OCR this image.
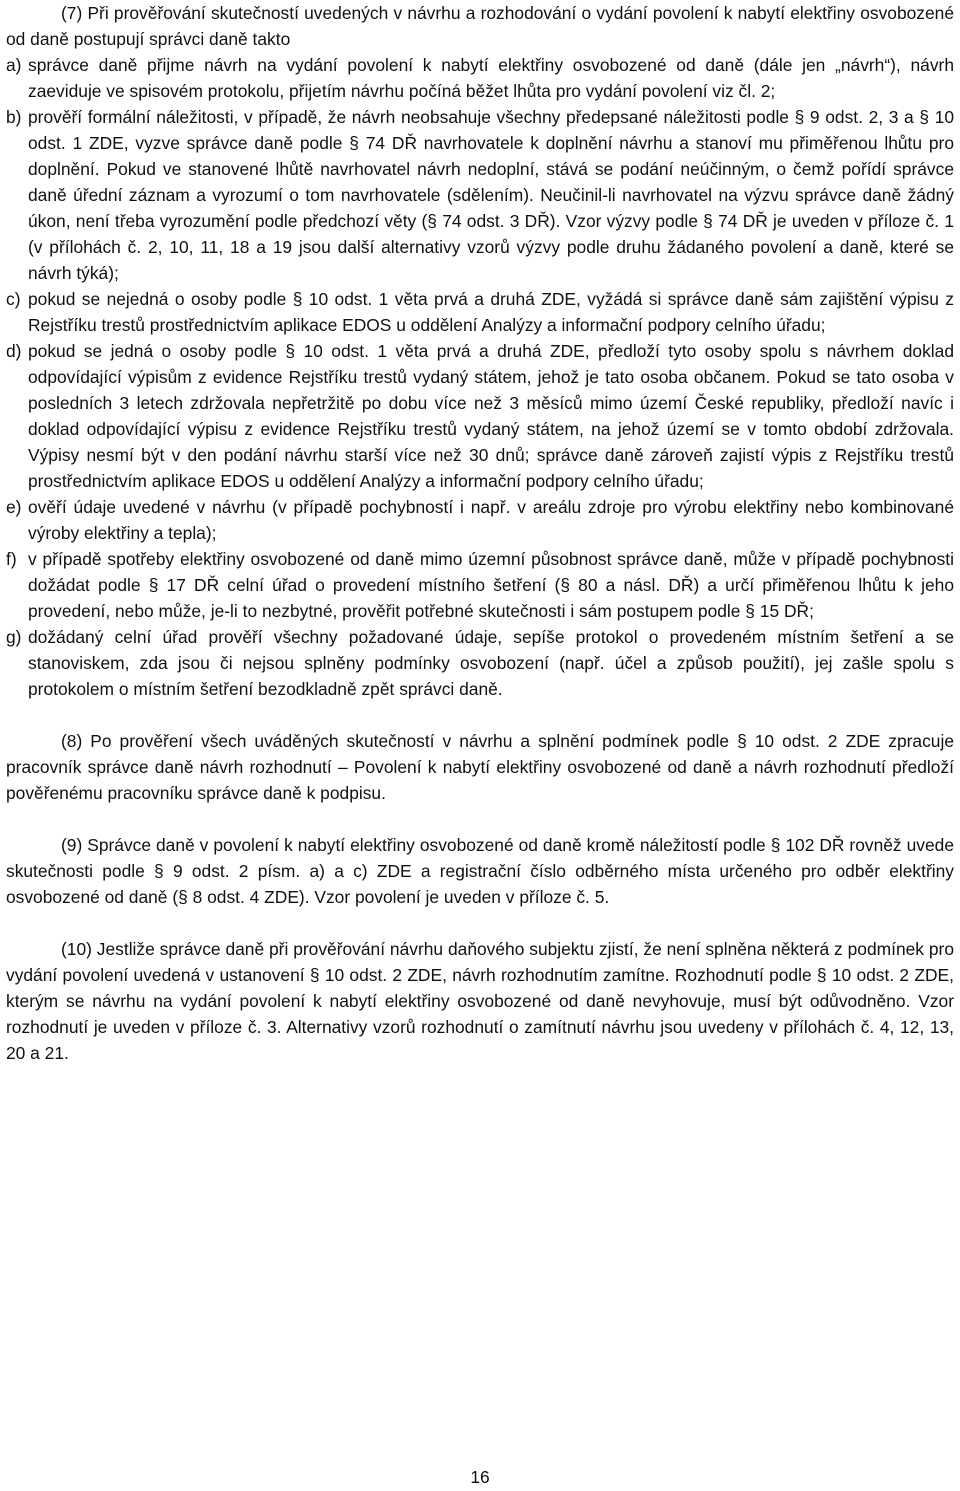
(7) Při prověřování skutečností uvedených v návrhu a rozhodování o vydání povolení k nabytí elektřiny osvobozené od daně postupují správci daně takto

a) správce daně přijme návrh na vydání povolení k nabytí elektřiny osvobozené od daně (dále jen „návrh“), návrh zaeviduje ve spisovém protokolu, přijetím návrhu počíná běžet lhůta pro vydání povolení viz čl. 2;
b) prověří formální náležitosti, v případě, že návrh neobsahuje všechny předepsané náležitosti podle § 9 odst. 2, 3 a § 10 odst. 1 ZDE, vyzve správce daně podle § 74 DŘ navrhovatele k doplnění návrhu a stanoví mu přiměřenou lhůtu pro doplnění. Pokud ve stanovené lhůtě navrhovatel návrh nedoplní, stává se podání neúčinným, o čemž pořídí správce daně úřední záznam a vyrozumí o tom navrhovatele (sdělením). Neučinil-li navrhovatel na výzvu správce daně žádný úkon, není třeba vyrozumění podle předchozí věty (§ 74 odst. 3 DŘ). Vzor výzvy podle § 74 DŘ je uveden v příloze č. 1 (v přílohách č. 2, 10, 11, 18 a 19 jsou další alternativy vzorů výzvy podle druhu žádaného povolení a daně, které se návrh týká);
c) pokud se nejedná o osoby podle § 10 odst. 1 věta prvá a druhá ZDE, vyžádá si správce daně sám zajištění výpisu z Rejstříku trestů prostřednictvím aplikace EDOS u oddělení Analýzy a informační podpory celního úřadu;
d) pokud se jedná o osoby podle § 10 odst. 1 věta prvá a druhá ZDE, předloží tyto osoby spolu s návrhem doklad odpovídající výpisům z evidence Rejstříku trestů vydaný státem, jehož je tato osoba občanem. Pokud se tato osoba v posledních 3 letech zdržovala nepřetržitě po dobu více než 3 měsíců mimo území České republiky, předloží navíc i doklad odpovídající výpisu z evidence Rejstříku trestů vydaný státem, na jehož území se v tomto období zdržovala. Výpisy nesmí být v den podání návrhu starší více než 30 dnů; správce daně zároveň zajistí výpis z Rejstříku trestů prostřednictvím aplikace EDOS u oddělení Analýzy a informační podpory celního úřadu;
e) ověří údaje uvedené v návrhu (v případě pochybností i např. v areálu zdroje pro výrobu elektřiny nebo kombinované výroby elektřiny a tepla);
f) v případě spotřeby elektřiny osvobozené od daně mimo územní působnost správce daně, může v případě pochybnosti dožádat podle § 17 DŘ celní úřad o provedení místního šetření (§ 80 a násl. DŘ) a určí přiměřenou lhůtu k jeho provedení, nebo může, je-li to nezbytné, prověřit potřebné skutečnosti i sám postupem podle § 15 DŘ;
g) dožádaný celní úřad prověří všechny požadované údaje, sepíše protokol o provedeném místním šetření a se stanoviskem, zda jsou či nejsou splněny podmínky osvobození (např. účel a způsob použití), jej zašle spolu s protokolem o místním šetření bezodkladně zpět správci daně.

(8) Po prověření všech uváděných skutečností v návrhu a splnění podmínek podle § 10 odst. 2 ZDE zpracuje pracovník správce daně návrh rozhodnutí – Povolení k nabytí elektřiny osvobozené od daně a návrh rozhodnutí předloží pověřenému pracovníku správce daně k podpisu.

(9) Správce daně v povolení k nabytí elektřiny osvobozené od daně kromě náležitostí podle § 102 DŘ rovněž uvede skutečnosti podle § 9 odst. 2 písm. a) a c) ZDE a registrační číslo odběrného místa určeného pro odběr elektřiny osvobozené od daně (§ 8 odst. 4 ZDE). Vzor povolení je uveden v příloze č. 5.

(10) Jestliže správce daně při prověřování návrhu daňového subjektu zjistí, že není splněna některá z podmínek pro vydání povolení uvedená v ustanovení § 10 odst. 2 ZDE, návrh rozhodnutím zamítne. Rozhodnutí podle § 10 odst. 2 ZDE, kterým se návrhu na vydání povolení k nabytí elektřiny osvobozené od daně nevyhovuje, musí být odůvodněno. Vzor rozhodnutí je uveden v příloze č. 3. Alternativy vzorů rozhodnutí o zamítnutí návrhu jsou uvedeny v přílohách č. 4, 12, 13, 20 a 21.

16
